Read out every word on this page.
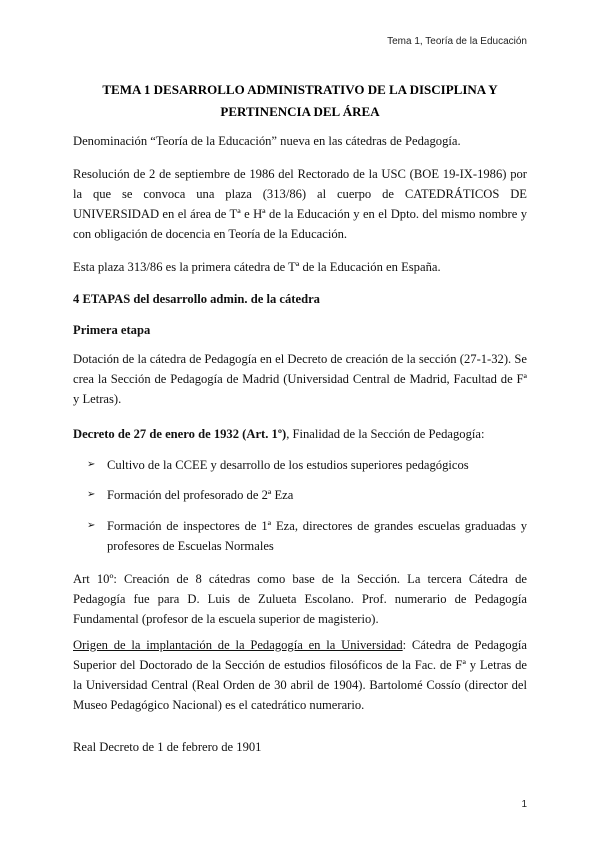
Tema 1, Teoría de la Educación
TEMA 1 DESARROLLO ADMINISTRATIVO DE LA DISCIPLINA Y
PERTINENCIA DEL ÁREA
Denominación “Teoría de la Educación” nueva en las cátedras de Pedagogía.
Resolución de 2 de septiembre de 1986 del Rectorado de la USC (BOE 19-IX-1986) por la que se convoca una plaza (313/86) al cuerpo de CATEDRÁTICOS DE UNIVERSIDAD en el área de Tª e Hª de la Educación y en el Dpto. del mismo nombre y con obligación de docencia en Teoría de la Educación.
Esta plaza 313/86 es la primera cátedra de Tª de la Educación en España.
4 ETAPAS del desarrollo admin. de la cátedra
Primera etapa
Dotación de la cátedra de Pedagogía en el Decreto de creación de la sección (27-1-32). Se crea la Sección de Pedagogía de Madrid (Universidad Central de Madrid, Facultad de Fª y Letras).
Decreto de 27 de enero de 1932 (Art. 1º), Finalidad de la Sección de Pedagogía:
➢ Cultivo de la CCEE y desarrollo de los estudios superiores pedagógicos
➢ Formación del profesorado de 2ª Eza
➢ Formación de inspectores de 1ª Eza, directores de grandes escuelas graduadas y profesores de Escuelas Normales
Art 10º: Creación de 8 cátedras como base de la Sección. La tercera Cátedra de Pedagogía fue para D. Luis de Zulueta Escolano. Prof. numerario de Pedagogía Fundamental (profesor de la escuela superior de magisterio).
Origen de la implantación de la Pedagogía en la Universidad: Cátedra de Pedagogía Superior del Doctorado de la Sección de estudios filosóficos de la Fac. de Fª y Letras de la Universidad Central (Real Orden de 30 abril de 1904). Bartolomé Cossío (director del Museo Pedagógico Nacional) es el catedrático numerario.
Real Decreto de 1 de febrero de 1901
1
